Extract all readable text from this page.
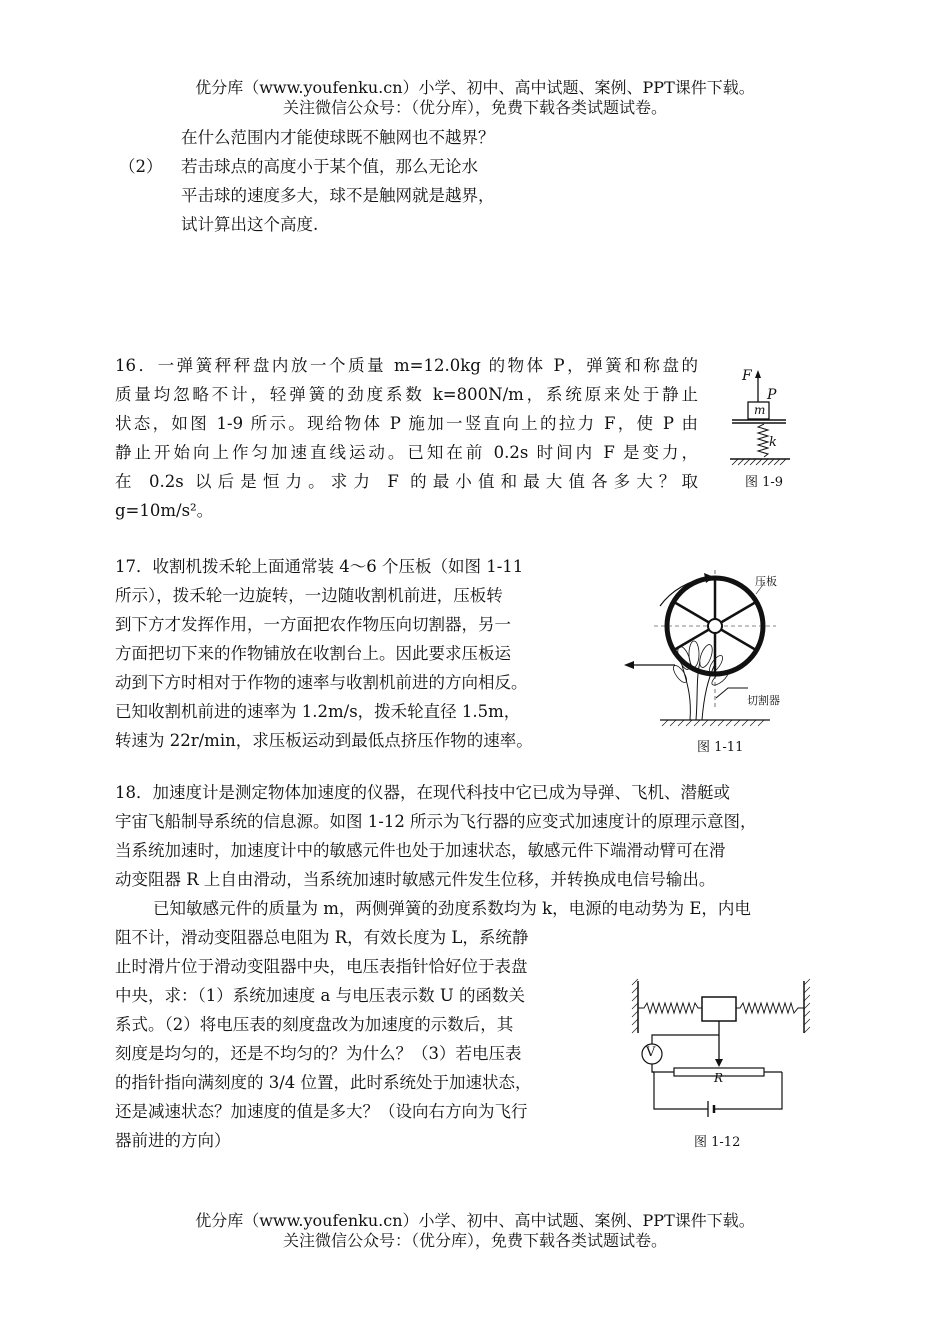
优分库（www.youfenku.cn）小学、初中、高中试题、案例、PPT课件下载。
关注微信公众号：（优分库），免费下载各类试题试卷。
在什么范围内才能使球既不触网也不越界？
（2） 若击球点的高度小于某个值，那么无论水
平击球的速度多大，球不是触网就是越界，
试计算出这个高度.
16．一弹簧秤秤盘内放一个质量 m=12.0kg 的物体 P，弹簧和称盘的
质量均忽略不计，轻弹簧的劲度系数 k=800N/m，系统原来处于静止
状态，如图 1-9 所示。现给物体 P 施加一竖直向上的拉力 F，使 P 由
静止开始向上作匀加速直线运动。已知在前 0.2s 时间内 F 是变力，
在 0.2s 以后是恒力。求力 F 的最小值和最大值各多大？取
g=10m/s²。
F
P
m
k
图 1-9
17．收割机拨禾轮上面通常装 4～6 个压板（如图 1-11
所示），拨禾轮一边旋转，一边随收割机前进，压板转
到下方才发挥作用，一方面把农作物压向切割器，另一
方面把切下来的作物铺放在收割台上。因此要求压板运
动到下方时相对于作物的速率与收割机前进的方向相反。
已知收割机前进的速率为 1.2m/s，拨禾轮直径 1.5m，
转速为 22r/min，求压板运动到最低点挤压作物的速率。
压板
切割器
图 1-11
18．加速度计是测定物体加速度的仪器，在现代科技中它已成为导弹、飞机、潜艇或
宇宙飞船制导系统的信息源。如图 1-12 所示为飞行器的应变式加速度计的原理示意图，
当系统加速时，加速度计中的敏感元件也处于加速状态，敏感元件下端滑动臂可在滑
动变阻器 R 上自由滑动，当系统加速时敏感元件发生位移，并转换成电信号输出。
已知敏感元件的质量为 m，两侧弹簧的劲度系数均为 k，电源的电动势为 E，内电
阻不计，滑动变阻器总电阻为 R，有效长度为 L，系统静
止时滑片位于滑动变阻器中央，电压表指针恰好位于表盘
中央，求：（1）系统加速度 a 与电压表示数 U 的函数关
系式。（2）将电压表的刻度盘改为加速度的示数后，其
刻度是均匀的，还是不均匀的？为什么？（3）若电压表
的指针指向满刻度的 3/4 位置，此时系统处于加速状态，
还是减速状态？加速度的值是多大？（设向右方向为飞行
器前进的方向）
V
R
图 1-12
优分库（www.youfenku.cn）小学、初中、高中试题、案例、PPT课件下载。
关注微信公众号：（优分库），免费下载各类试题试卷。
